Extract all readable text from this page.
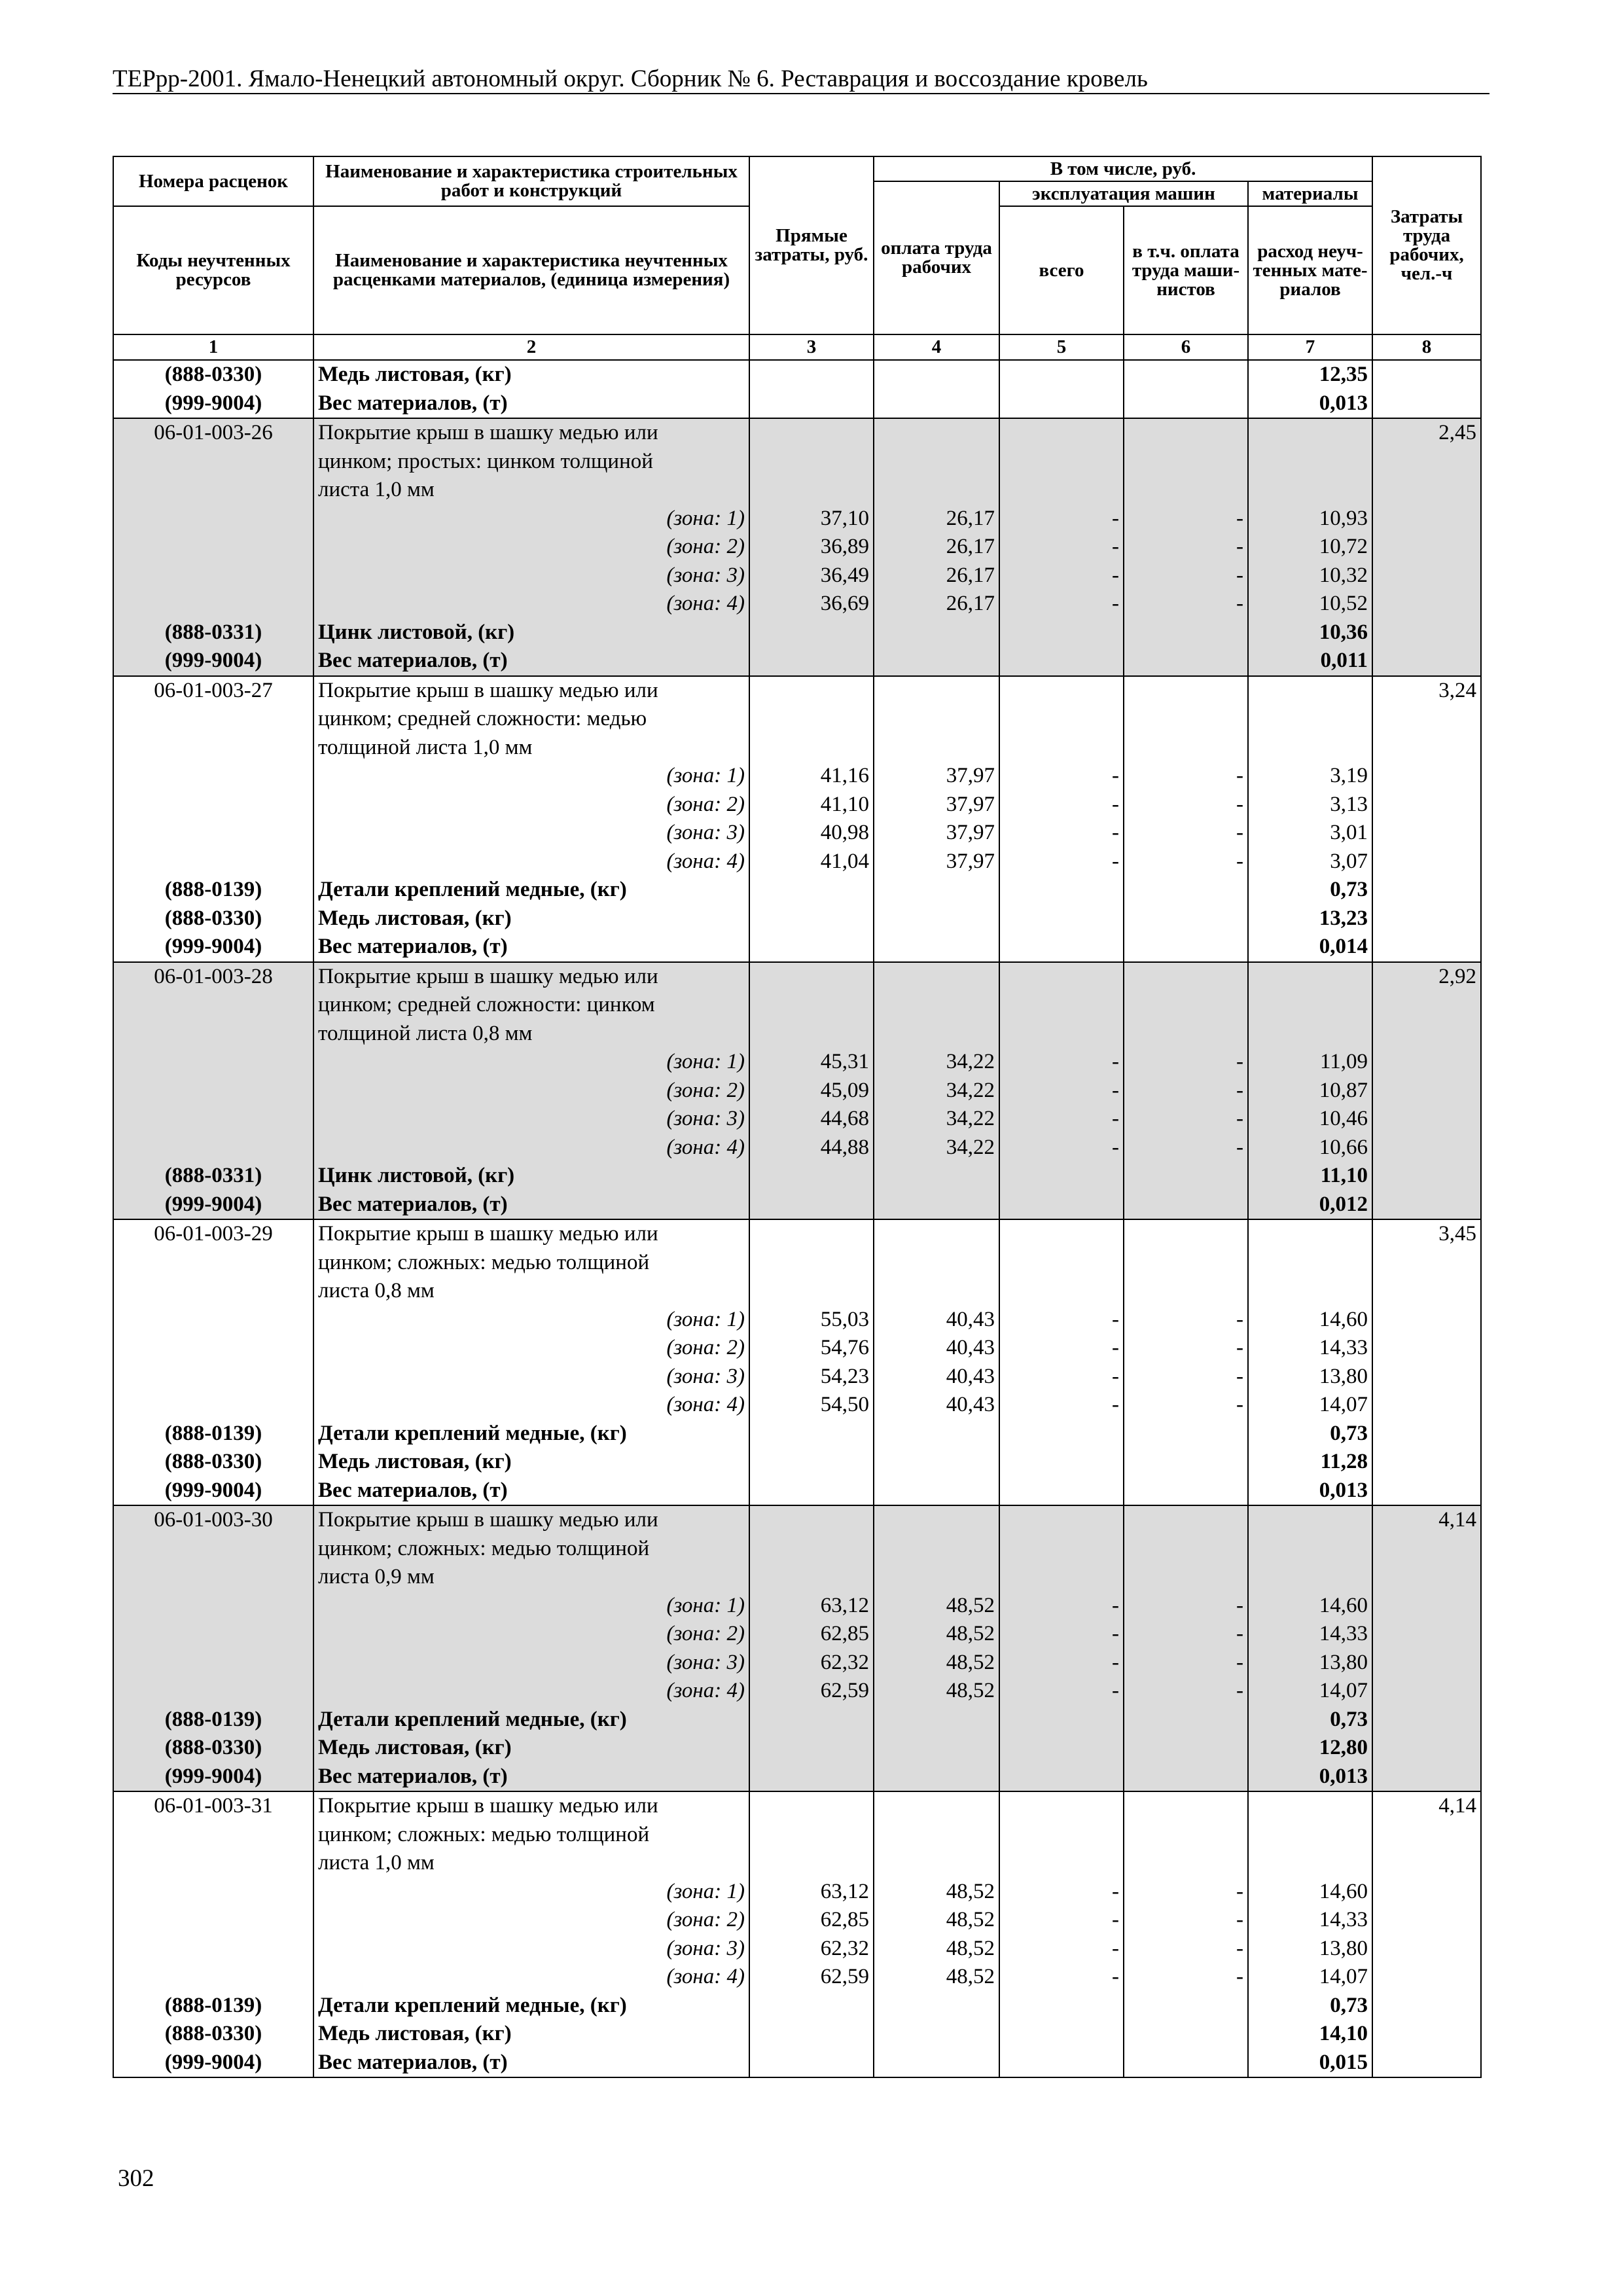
ТЕРрр-2001. Ямало-Ненецкий автономный округ. Сборник № 6. Реставрация и воссоздание кровель
Номера расценок	Наименование и характеристика строительных работ и конструкций	Прямые затраты, руб.	В том числе, руб.				Затраты труда рабочих, чел.-ч
			оплата труда рабочих	эксплуатация машин		материалы	
Коды неучтенных ресурсов	Наименование и характеристика неучтенных расценками материалов, (единица измерения)			всего	в т.ч. оплата труда маши-нистов	расход неуч-тенных мате-риалов	
1	2	3	4	5	6	7	8
(888-0330)	Медь листовая, (кг)					12,35	
(999-9004)	Вес материалов, (т)					0,013	
06-01-003-26	Покрытие крыш в шашку медью или						2,45
	цинком; простых: цинком толщиной						
	листа 1,0 мм						
	(зона: 1)	37,10	26,17	-	-	10,93	
	(зона: 2)	36,89	26,17	-	-	10,72	
	(зона: 3)	36,49	26,17	-	-	10,32	
	(зона: 4)	36,69	26,17	-	-	10,52	
(888-0331)	Цинк листовой, (кг)					10,36	
(999-9004)	Вес материалов, (т)					0,011	
06-01-003-27	Покрытие крыш в шашку медью или						3,24
	цинком; средней сложности: медью						
	толщиной листа 1,0 мм						
	(зона: 1)	41,16	37,97	-	-	3,19	
	(зона: 2)	41,10	37,97	-	-	3,13	
	(зона: 3)	40,98	37,97	-	-	3,01	
	(зона: 4)	41,04	37,97	-	-	3,07	
(888-0139)	Детали креплений медные, (кг)					0,73	
(888-0330)	Медь листовая, (кг)					13,23	
(999-9004)	Вес материалов, (т)					0,014	
06-01-003-28	Покрытие крыш в шашку медью или						2,92
	цинком; средней сложности: цинком						
	толщиной листа 0,8 мм						
	(зона: 1)	45,31	34,22	-	-	11,09	
	(зона: 2)	45,09	34,22	-	-	10,87	
	(зона: 3)	44,68	34,22	-	-	10,46	
	(зона: 4)	44,88	34,22	-	-	10,66	
(888-0331)	Цинк листовой, (кг)					11,10	
(999-9004)	Вес материалов, (т)					0,012	
06-01-003-29	Покрытие крыш в шашку медью или						3,45
	цинком; сложных: медью толщиной						
	листа 0,8 мм						
	(зона: 1)	55,03	40,43	-	-	14,60	
	(зона: 2)	54,76	40,43	-	-	14,33	
	(зона: 3)	54,23	40,43	-	-	13,80	
	(зона: 4)	54,50	40,43	-	-	14,07	
(888-0139)	Детали креплений медные, (кг)					0,73	
(888-0330)	Медь листовая, (кг)					11,28	
(999-9004)	Вес материалов, (т)					0,013	
06-01-003-30	Покрытие крыш в шашку медью или						4,14
	цинком; сложных: медью толщиной						
	листа 0,9 мм						
	(зона: 1)	63,12	48,52	-	-	14,60	
	(зона: 2)	62,85	48,52	-	-	14,33	
	(зона: 3)	62,32	48,52	-	-	13,80	
	(зона: 4)	62,59	48,52	-	-	14,07	
(888-0139)	Детали креплений медные, (кг)					0,73	
(888-0330)	Медь листовая, (кг)					12,80	
(999-9004)	Вес материалов, (т)					0,013	
06-01-003-31	Покрытие крыш в шашку медью или						4,14
	цинком; сложных: медью толщиной						
	листа 1,0 мм						
	(зона: 1)	63,12	48,52	-	-	14,60	
	(зона: 2)	62,85	48,52	-	-	14,33	
	(зона: 3)	62,32	48,52	-	-	13,80	
	(зона: 4)	62,59	48,52	-	-	14,07	
(888-0139)	Детали креплений медные, (кг)					0,73	
(888-0330)	Медь листовая, (кг)					14,10	
(999-9004)	Вес материалов, (т)					0,015	
302
